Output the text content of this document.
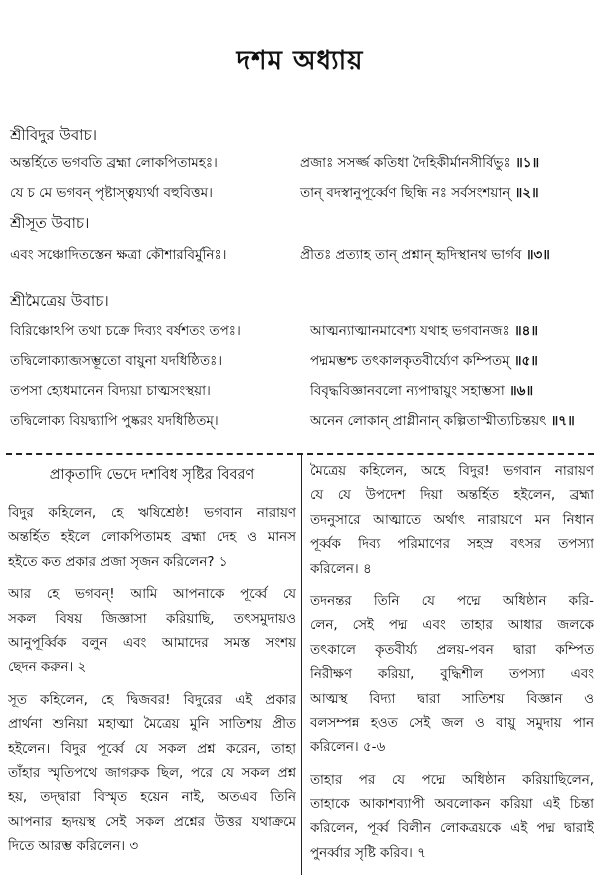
দশম অধ্যায়
শ্রীবিদুর উবাচ।
অন্তর্হিতে ভগবতি ব্রহ্মা লোকপিতামহঃ।	প্রজাঃ সসর্জ্জ কতিধা দৈহিকীর্মানসীর্বিভুঃ ॥১॥
যে চ মে ভগবন্ পৃষ্টাস্ত্বয্যর্থা বহুবিত্তম।	তান্ বদস্বানুপূর্ব্বেণ ছিন্ধি নঃ সর্বসংশয়ান্ ॥২॥
শ্রীসূত উবাচ।
এবং সঞ্চোদিতস্তেন ক্ষত্রা কৌশারবির্মুনিঃ।	প্রীতঃ প্রত্যাহ তান্ প্রশ্নান্ হৃদিস্থানথ ভার্গব ॥৩॥
শ্রীমৈত্রেয় উবাচ।
বিরিঞ্চোঽপি তথা চক্রে দিব্যং বর্ষশতং তপঃ।	আত্মন্যাত্মানমাবেশ্য যথাহ ভগবানজঃ ॥৪॥
তদ্বিলোক্যাব্জসম্ভূতো বায়ুনা যদধিষ্ঠিতঃ।	পদ্মমম্ভশ্চ তৎকালকৃতবীর্য্যেণ কম্পিতম্ ॥৫॥
তপসা হ্যেধমানেন বিদ্যয়া চাত্মসংস্থয়া।	বিবৃদ্ধবিজ্ঞানবলো ন্যপাদ্বায়ুং সহাম্ভসা ॥৬॥
তদ্বিলোক্য বিয়দ্ব্যাপি পুষ্করং যদধিষ্ঠিতম্।	অনেন লোকান্ প্রাগ্লীনান্ কল্পিতাস্মীত্যচিন্তয়ৎ ॥৭॥
প্রাকৃতাদি ভেদে দশবিধ সৃষ্টির বিবরণ
বিদুর কহিলেন, হে ঋষিশ্রেষ্ঠ! ভগবান নারায়ণ
অন্তর্হিত হইলে লোকপিতামহ ব্রহ্মা দেহ ও মানস
হইতে কত প্রকার প্রজা সৃজন করিলেন? ১
আর হে ভগবন্! আমি আপনাকে পূর্ব্বে যে
সকল বিষয় জিজ্ঞাসা করিয়াছি, তৎসমুদায়ও
আনুপূর্ব্বিক বলুন এবং আমাদের সমস্ত সংশয়
ছেদন করুন। ২
সূত কহিলেন, হে দ্বিজবর! বিদুরের এই প্রকার
প্রার্থনা শুনিয়া মহাত্মা মৈত্রেয় মুনি সাতিশয় প্রীত
হইলেন। বিদুর পূর্ব্বে যে সকল প্রশ্ন করেন, তাহা
তাঁহার স্মৃতিপথে জাগরুক ছিল, পরে যে সকল প্রশ্ন
হয়, তদ্দ্বারা বিস্মৃত হয়েন নাই, অতএব তিনি
আপনার হৃদয়স্থ সেই সকল প্রশ্নের উত্তর যথাক্রমে
দিতে আরম্ভ করিলেন। ৩
মৈত্রেয় কহিলেন, অহে বিদুর! ভগবান নারায়ণ
যে যে উপদেশ দিয়া অন্তর্হিত হইলেন, ব্রহ্মা
তদনুসারে আত্মাতে অর্থাৎ নারায়ণে মন নিধান
পূর্ব্বক দিব্য পরিমাণের সহস্র বৎসর তপস্যা
করিলেন। ৪
তদনন্তর তিনি যে পদ্মে অধিষ্ঠান করি-
লেন, সেই পদ্ম এবং তাহার আধার জলকে
তৎকালে কৃতবীর্য্য প্রলয়-পবন দ্বারা কম্পিত
নিরীক্ষণ করিয়া, বুদ্ধিশীল তপস্যা এবং
আত্মস্থ বিদ্যা দ্বারা সাতিশয় বিজ্ঞান ও
বলসম্পন্ন হওত সেই জল ও বায়ু সমুদায় পান
করিলেন। ৫-৬
তাহার পর যে পদ্মে অধিষ্ঠান করিয়াছিলেন,
তাহাকে আকাশব্যাপী অবলোকন করিয়া এই চিন্তা
করিলেন, পূর্ব্ব বিলীন লোকত্রয়কে এই পদ্ম দ্বারাই
পুনর্ব্বার সৃষ্টি করিব। ৭
